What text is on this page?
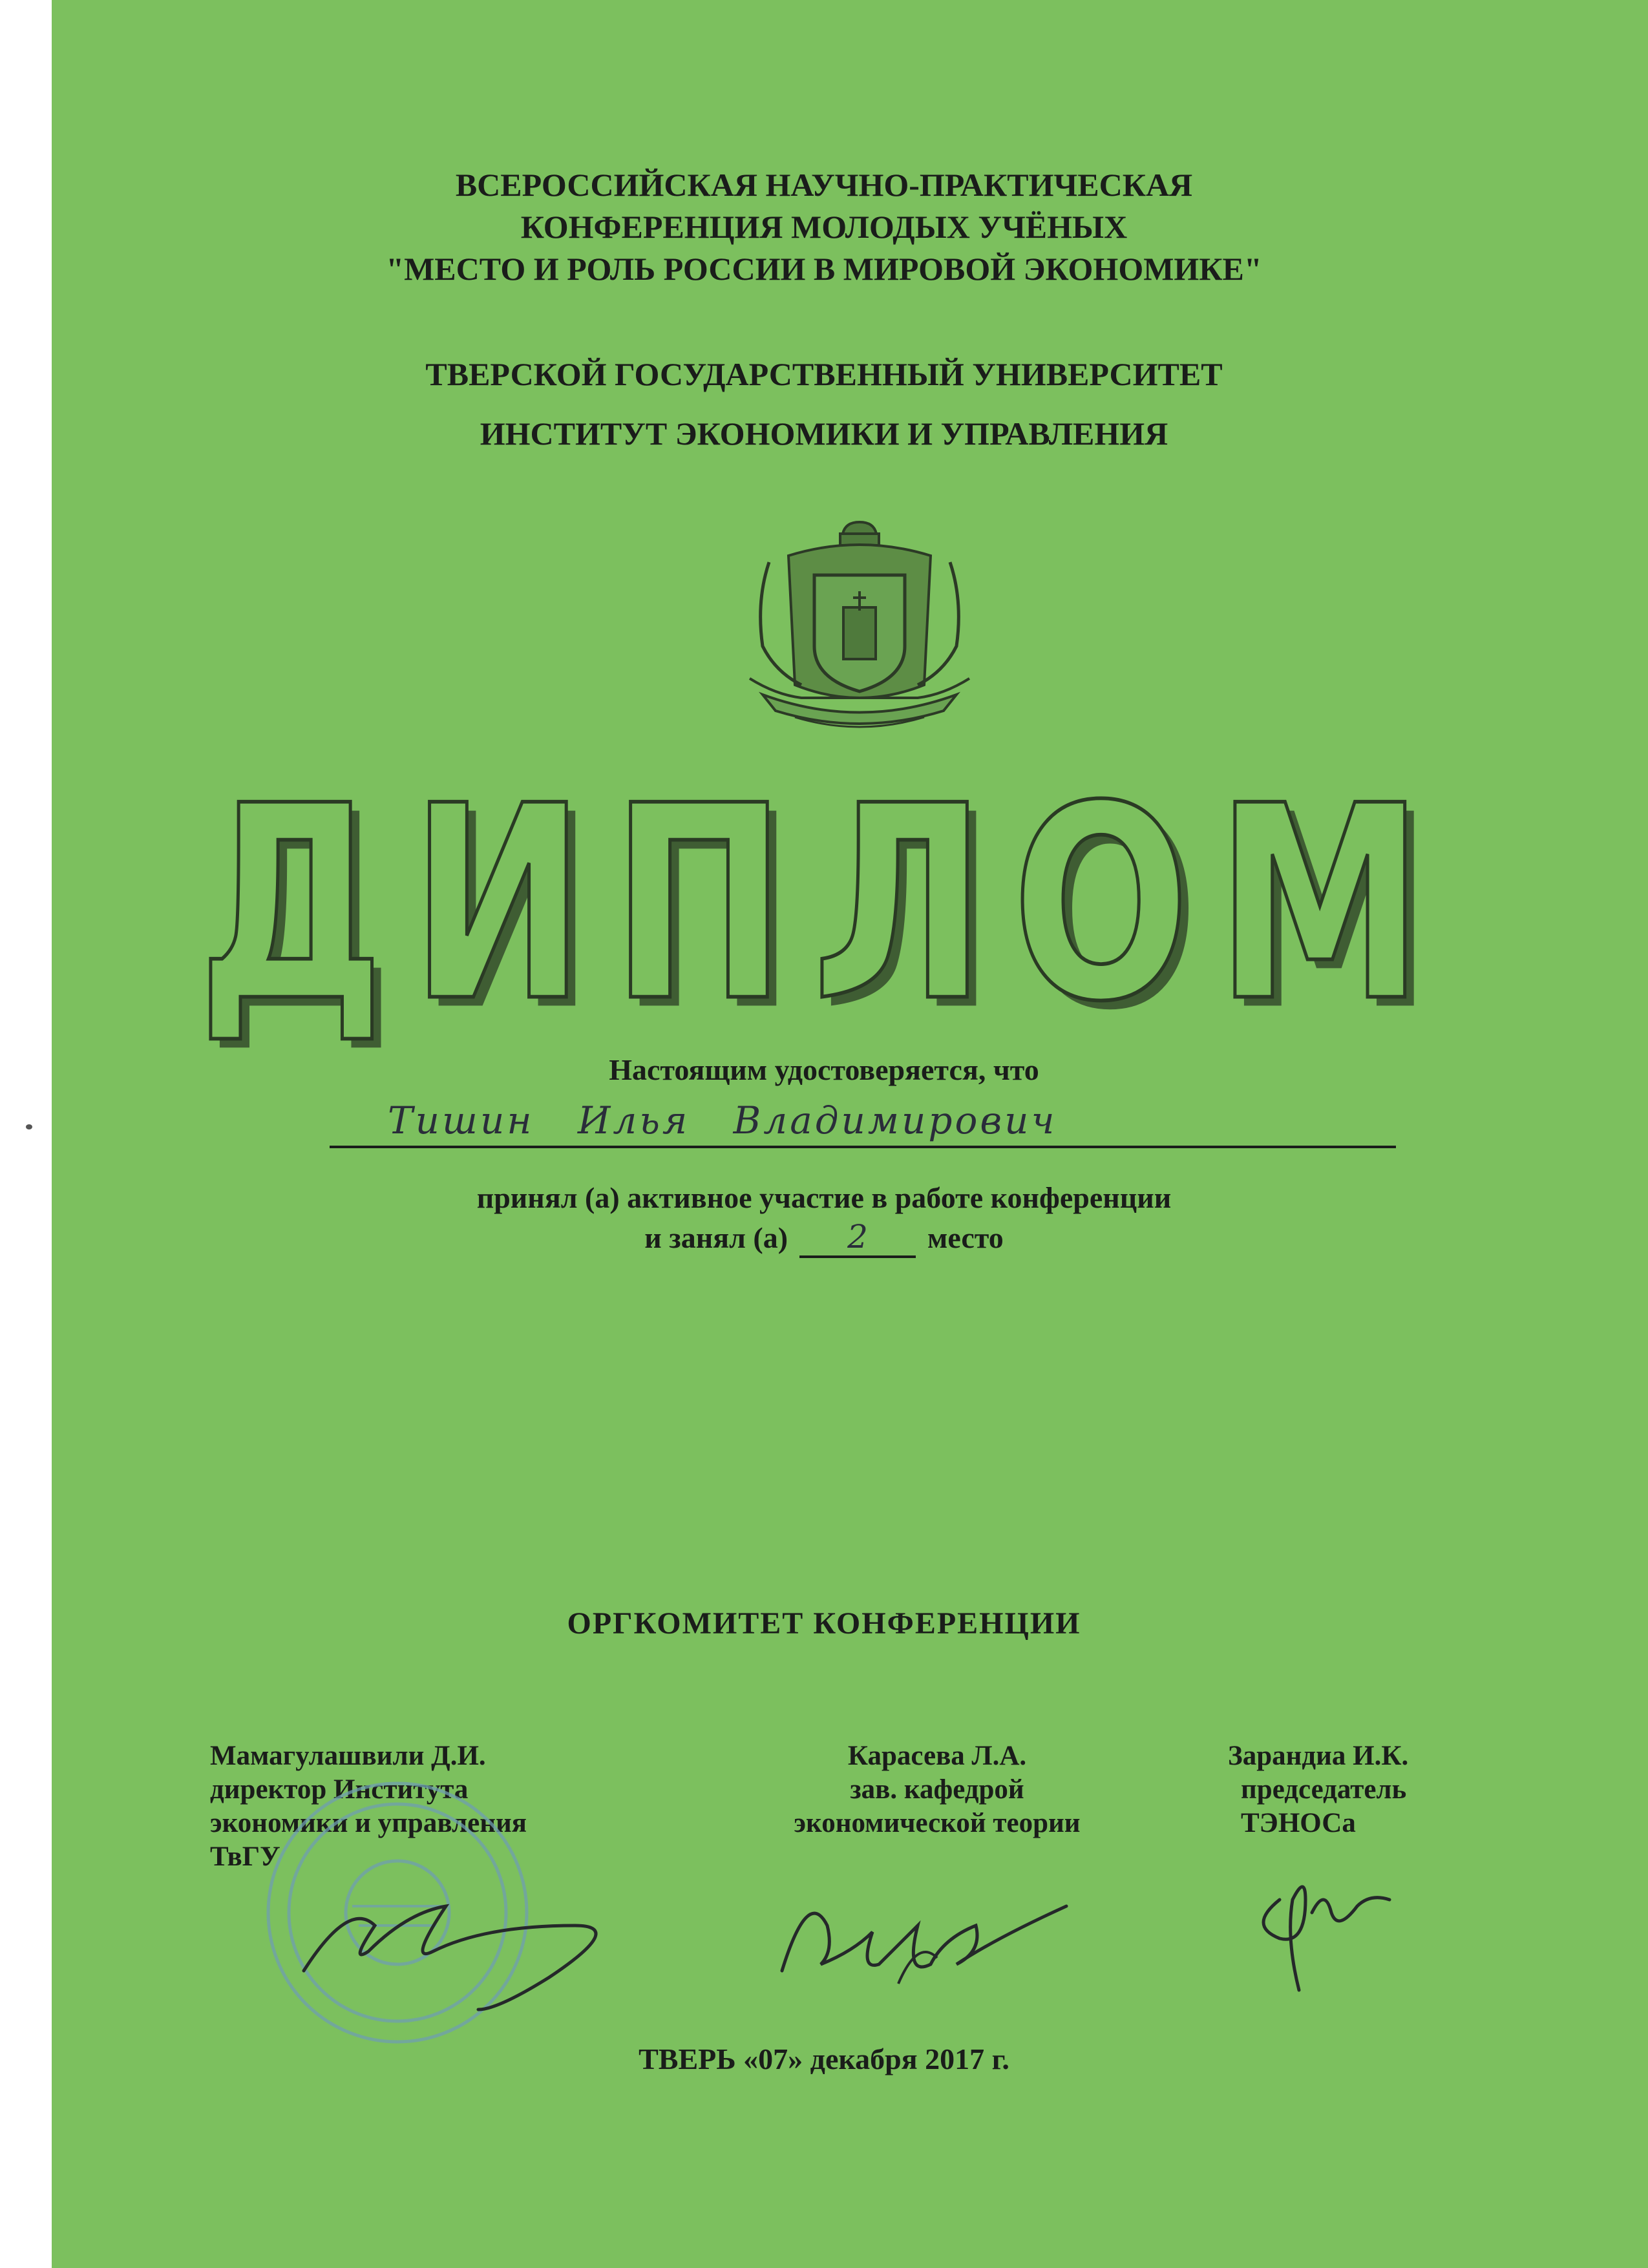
ВСЕРОССИЙСКАЯ НАУЧНО-ПРАКТИЧЕСКАЯ
КОНФЕРЕНЦИЯ МОЛОДЫХ УЧЁНЫХ
"МЕСТО И РОЛЬ РОССИИ В МИРОВОЙ ЭКОНОМИКЕ"
ТВЕРСКОЙ ГОСУДАРСТВЕННЫЙ УНИВЕРСИТЕТ
ИНСТИТУТ ЭКОНОМИКИ И УПРАВЛЕНИЯ
ДИПЛОМ
Настоящим удостоверяется, что
Тишин   Илья   Владимирович
принял (а) активное участие в работе конференции
и занял (а) 2 место
ОРГКОМИТЕТ КОНФЕРЕНЦИИ
Мамагулашвили Д.И.
директор Института
экономики и управления
ТвГУ
Карасева Л.А.
зав. кафедрой
экономической теории
Зарандиа И.К.
председатель
ТЭНОСа
ТВЕРЬ «07» декабря 2017 г.
